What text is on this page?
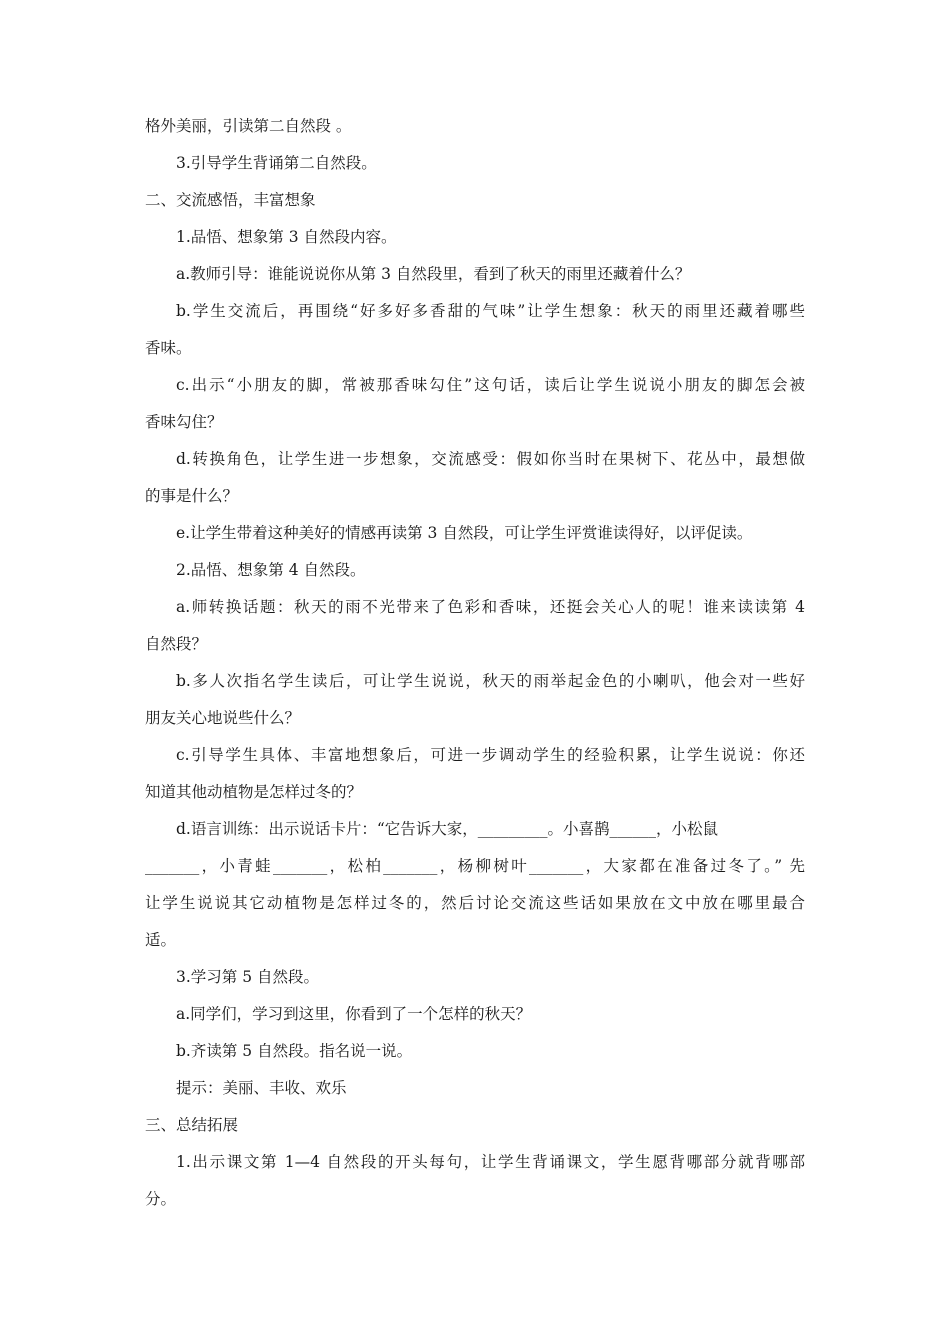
格外美丽，引读第二自然段 。
3.引导学生背诵第二自然段。
二、交流感悟，丰富想象
1.品悟、想象第 3 自然段内容。
a.教师引导：谁能说说你从第 3 自然段里，看到了秋天的雨里还藏着什么？
b.学生交流后，再围绕“好多好多香甜的气味”让学生想象：秋天的雨里还藏着哪些
香味。
c.出示“小朋友的脚，常被那香味勾住”这句话，读后让学生说说小朋友的脚怎会被
香味勾住？
d.转换角色，让学生进一步想象，交流感受：假如你当时在果树下、花丛中，最想做
的事是什么？
e.让学生带着这种美好的情感再读第 3 自然段，可让学生评赏谁读得好，以评促读。
2.品悟、想象第 4 自然段。
a.师转换话题：秋天的雨不光带来了色彩和香味，还挺会关心人的呢！谁来读读第 4
自然段？
b.多人次指名学生读后，可让学生说说，秋天的雨举起金色的小喇叭，他会对一些好
朋友关心地说些什么？
c.引导学生具体、丰富地想象后，可进一步调动学生的经验积累，让学生说说：你还
知道其他动植物是怎样过冬的？
d.语言训练：出示说话卡片：“它告诉大家，_________。小喜鹊______，小松鼠
_______，小青蛙_______，松柏_______，杨柳树叶_______，大家都在准备过冬了。” 先
让学生说说其它动植物是怎样过冬的，然后讨论交流这些话如果放在文中放在哪里最合
适。
3.学习第 5 自然段。
a.同学们，学习到这里，你看到了一个怎样的秋天？
b.齐读第 5 自然段。指名说一说。
提示：美丽、丰收、欢乐
三、总结拓展
1.出示课文第 1—4 自然段的开头每句，让学生背诵课文，学生愿背哪部分就背哪部
分。
